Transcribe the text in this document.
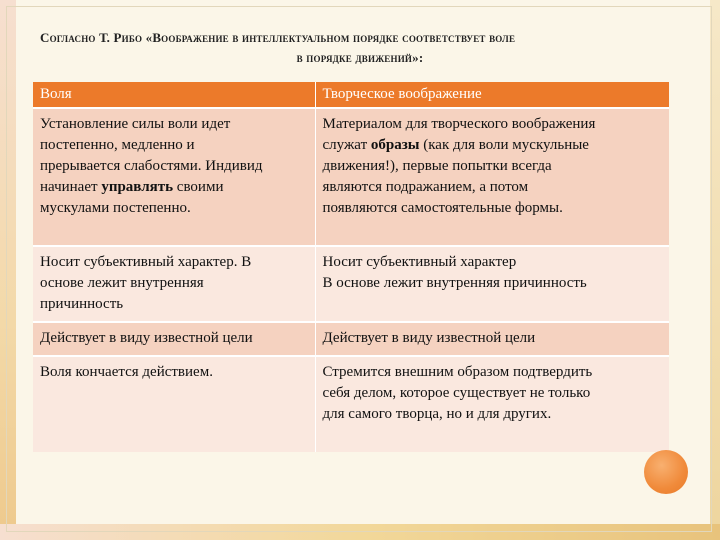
Согласно Т. Рибо «Воображение в интеллектуальном порядке соответствует воле
в порядке движений»:
Воля	Творческое воображение

Установление силы воли идет
постепенно, медленно и
прерывается слабостями. Индивид
начинает управлять своими
мускулами постепенно.	Материалом для творческого воображения
служат образы (как для воли мускульные
движения!), первые попытки всегда
являются подражанием, а потом
появляются самостоятельные формы.

Носит субъективный характер. В
основе лежит внутренняя
причинность	Носит субъективный характер
В основе лежит внутренняя причинность

Действует в виду известной цели	Действует в виду известной цели

Воля кончается действием.	Стремится внешним образом подтвердить
себя делом, которое существует не только
для самого творца, но и для других.
